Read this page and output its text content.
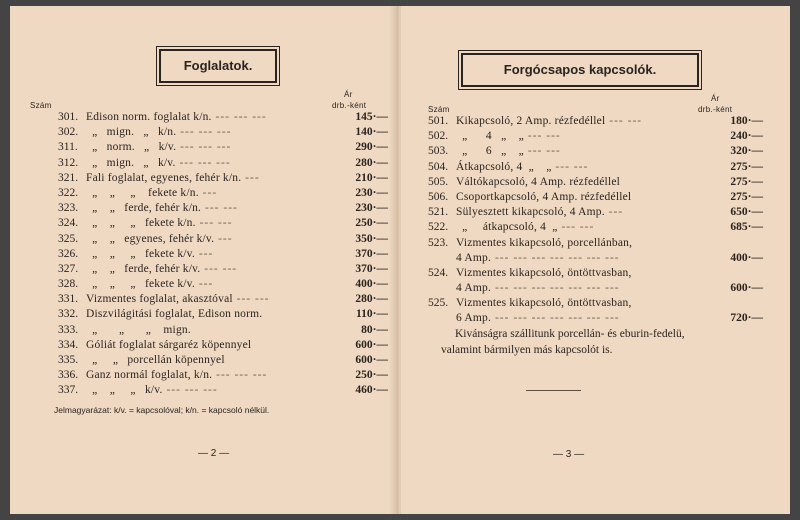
Foglalatok.
Szám
Ár
drb.-ként
301. Edison norm. foglalat k/n. --- --- ---	145·—
302.  „   mign.   „   k/n. --- --- ---	140·—
311.  „   norm.   „   k/v. --- --- ---	290·—
312.  „   mign.   „   k/v. --- --- ---	280·—
321. Fali foglalat, egyenes, fehér k/n. ---	210·—
322.  „    „     „    fekete k/n. ---	230·—
323.  „    „   ferde, fehér k/n. --- ---	230·—
324.  „    „     „   fekete k/n. --- ---	250·—
325.  „    „   egyenes, fehér k/v. ---	350·—
326.  „    „     „   fekete k/v. ---	370·—
327.  „    „   ferde, fehér k/v. --- ---	370·—
328.  „    „     „   fekete k/v. ---	400·—
331. Vizmentes foglalat, akasztóval --- ---	280·—
332. Diszvilágitási foglalat, Edison norm.	110·—
333.  „       „       „    mign.	80·—
334. Góliát foglalat sárgaréz köpennyel	600·—
335.  „     „   porcellán köpennyel	600·—
336. Ganz normál foglalat, k/n. --- --- ---	250·—
337.  „    „     „   k/v. --- --- ---	460·—
Jelmagyarázat: k/v. = kapcsolóval; k/n. = kapcsoló nélkül.
— 2 —
Forgócsapos kapcsolók.
Szám
Ár
drb.-ként
501. Kikapcsoló, 2 Amp. rézfedéllel --- ---	180·—
502.  „      4   „    „ --- ---	240·—
503.  „      6   „    „ --- ---	320·—
504. Átkapcsoló, 4  „    „ --- ---	275·—
505. Váltókapcsoló, 4 Amp. rézfedéllel	275·—
506. Csoportkapcsoló, 4 Amp. rézfedéllel	275·—
521. Sülyesztett kikapcsoló, 4 Amp. ---	650·—
522.  „     átkapcsoló, 4  „ --- ---	685·—
523. Vizmentes kikapcsoló, porcellánban,
4 Amp. --- --- --- --- --- --- ---	400·—
524. Vizmentes kikapcsoló, öntöttvasban,
4 Amp. --- --- --- --- --- --- ---	600·—
525. Vizmentes kikapcsoló, öntöttvasban,
6 Amp. --- --- --- --- --- --- ---	720·—
Kivánságra szállitunk porcellán- és eburin-fedelü, valamint bármilyen más kapcsolót is.
— 3 —
